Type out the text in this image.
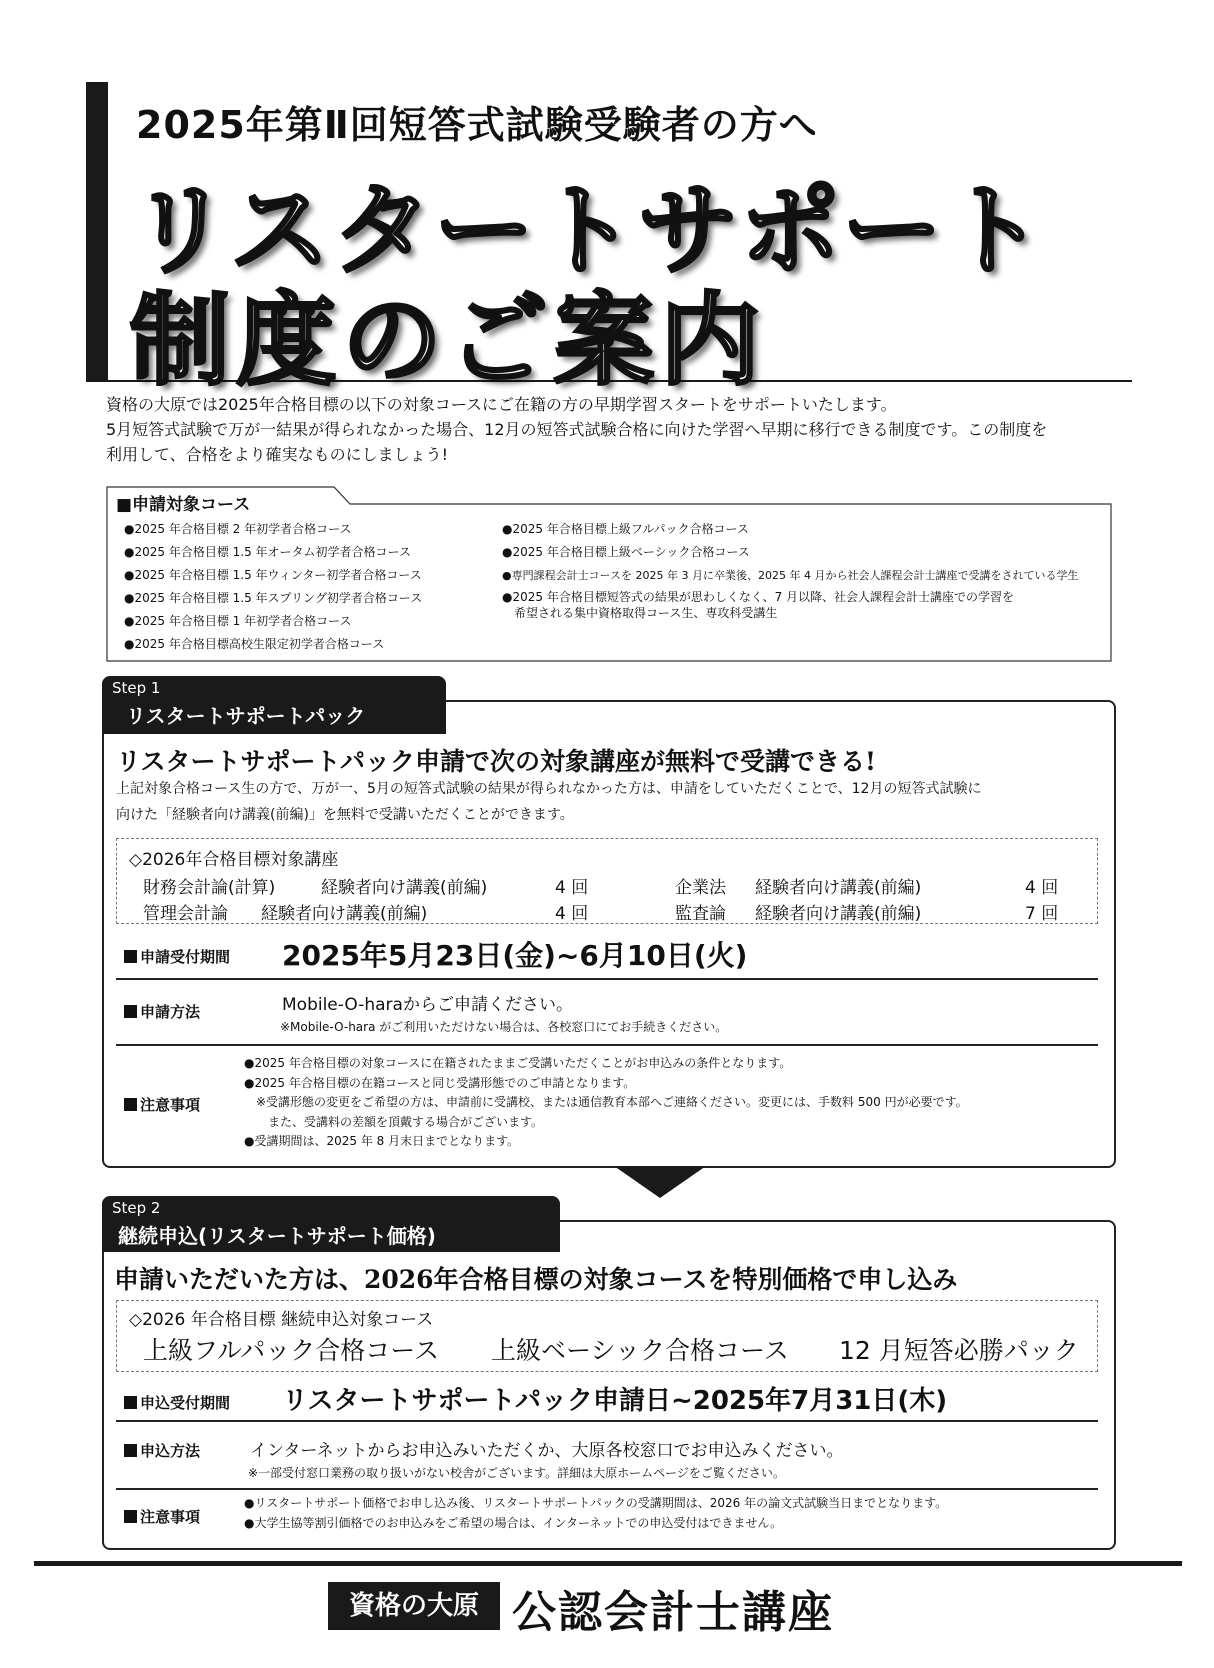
2025年第Ⅱ回短答式試験受験者の方へ
リスタートサポート
制度のご案内

資格の大原では2025年合格目標の以下の対象コースにご在籍の方の早期学習スタートをサポートいたします。

5月短答式試験で万が一結果が得られなかった場合、12月の短答式試験合格に向けた学習へ早期に移行できる制度です。この制度を

利用して、合格をより確実なものにしましょう!

■申請対象コース
●2025 年合格目標 2 年初学者合格コース
●2025 年合格目標 1.5 年オータム初学者合格コース
●2025 年合格目標 1.5 年ウィンター初学者合格コース
●2025 年合格目標 1.5 年スプリング初学者合格コース
●2025 年合格目標 1 年初学者合格コース
●2025 年合格目標高校生限定初学者合格コース
●2025 年合格目標上級フルパック合格コース
●2025 年合格目標上級ベーシック合格コース
●専門課程会計士コースを 2025 年 3 月に卒業後、2025 年 4 月から社会人課程会計士講座で受講をされている学生
●2025 年合格目標短答式の結果が思わしくなく、7 月以降、社会人課程会計士講座での学習を
希望される集中資格取得コース生、専攻科受講生
Step 1
リスタートサポートパック
リスタートサポートパック申請で次の対象講座が無料で受講できる!

上記対象合格コース生の方で、万が一、5月の短答式試験の結果が得られなかった方は、申請をしていただくことで、12月の短答式試験に

向けた「経験者向け講義(前編)」を無料で受講いただくことができます。

◇2026年合格目標対象講座
財務会計論(計算)	経験者向け講義(前編)	4 回
管理会計論 経験者向け講義(前編)	4 回
企業法 経験者向け講義(前編)	4 回
監査論 経験者向け講義(前編)	7 回
申請受付期間 2025年5月23日(金)~6月10日(火)
申請方法	Mobile-O-haraからご申請ください。
※Mobile-O-hara がご利用いただけない場合は、各校窓口にてお手続きください。
注意事項

●2025 年合格目標の対象コースに在籍されたままご受講いただくことがお申込みの条件となります。

●2025 年合格目標の在籍コースと同じ受講形態でのご申請となります。

　※受講形態の変更をご希望の方は、申請前に受講校、または通信教育本部へご連絡ください。変更には、手数料 500 円が必要です。

　　また、受講料の差額を頂戴する場合がございます。

●受講期間は、2025 年 8 月末日までとなります。

Step 2
継続申込(リスタートサポート価格)
申請いただいた方は、2026年合格目標の対象コースを特別価格で申し込み
◇2026 年合格目標 継続申込対象コース
上級フルパック合格コース 上級ベーシック合格コース 12 月短答必勝パック
申込受付期間 リスタートサポートパック申請日~2025年7月31日(木)
申込方法	インターネットからお申込みいただくか、大原各校窓口でお申込みください。
※一部受付窓口業務の取り扱いがない校舎がございます。詳細は大原ホームページをご覧ください。
注意事項

●リスタートサポート価格でお申し込み後、リスタートサポートパックの受講期間は、2026 年の論文式試験当日までとなります。

●大学生協等割引価格でのお申込みをご希望の場合は、インターネットでの申込受付はできません。

資格の大原 公認会計士講座
